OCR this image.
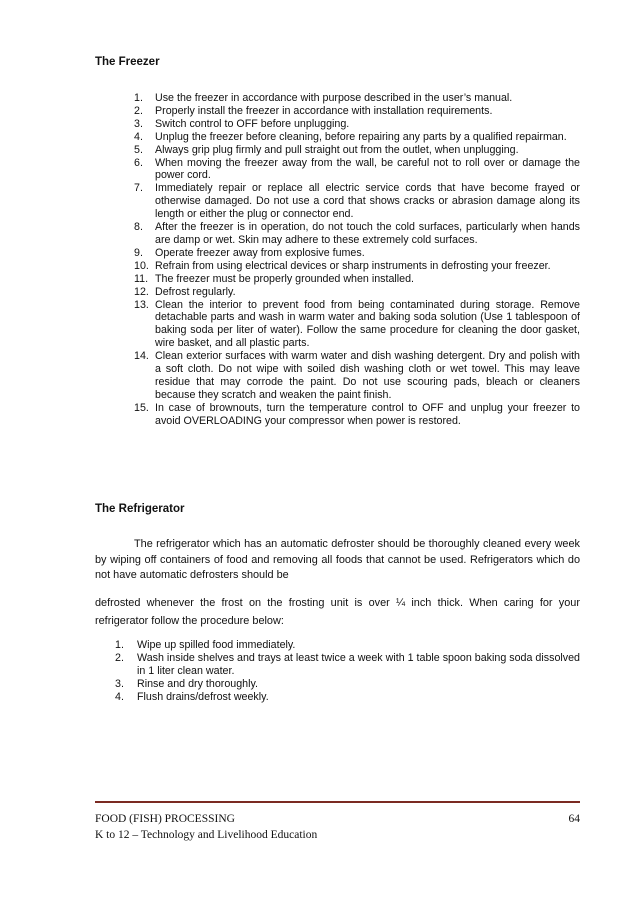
The Freezer
1. Use the freezer in accordance with purpose described in the user’s manual.
2. Properly install the freezer in accordance with installation requirements.
3. Switch control to OFF before unplugging.
4. Unplug the freezer before cleaning, before repairing any parts by a qualified repairman.
5. Always grip plug firmly and pull straight out from the outlet, when unplugging.
6. When moving the freezer away from the wall, be careful not to roll over or damage the power cord.
7. Immediately repair or replace all electric service cords that have become frayed or otherwise damaged. Do not use a cord that shows cracks or abrasion damage along its length or either the plug or connector end.
8. After the freezer is in operation, do not touch the cold surfaces, particularly when hands are damp or wet. Skin may adhere to these extremely cold surfaces.
9. Operate freezer away from explosive fumes.
10. Refrain from using electrical devices or sharp instruments in defrosting your freezer.
11. The freezer must be properly grounded when installed.
12. Defrost regularly.
13. Clean the interior to prevent food from being contaminated during storage. Remove detachable parts and wash in warm water and baking soda solution (Use 1 tablespoon of baking soda per liter of water). Follow the same procedure for cleaning the door gasket, wire basket, and all plastic parts.
14. Clean exterior surfaces with warm water and dish washing detergent. Dry and polish with a soft cloth. Do not wipe with soiled dish washing cloth or wet towel. This may leave residue that may corrode the paint. Do not use scouring pads, bleach or cleaners because they scratch and weaken the paint finish.
15. In case of brownouts, turn the temperature control to OFF and unplug your freezer to avoid OVERLOADING your compressor when power is restored.
The Refrigerator

The refrigerator which has an automatic defroster should be thoroughly cleaned every week by wiping off containers of food and removing all foods that cannot be used. Refrigerators which do not have automatic defrosters should be

defrosted whenever the frost on the frosting unit is over ¼ inch thick. When caring for your refrigerator follow the procedure below:

1. Wipe up spilled food immediately.
2. Wash inside shelves and trays at least twice a week with 1 table spoon baking soda dissolved in 1 liter clean water.
3. Rinse and dry thoroughly.
4. Flush drains/defrost weekly.
FOOD (FISH) PROCESSING	64
K to 12 – Technology and Livelihood Education
